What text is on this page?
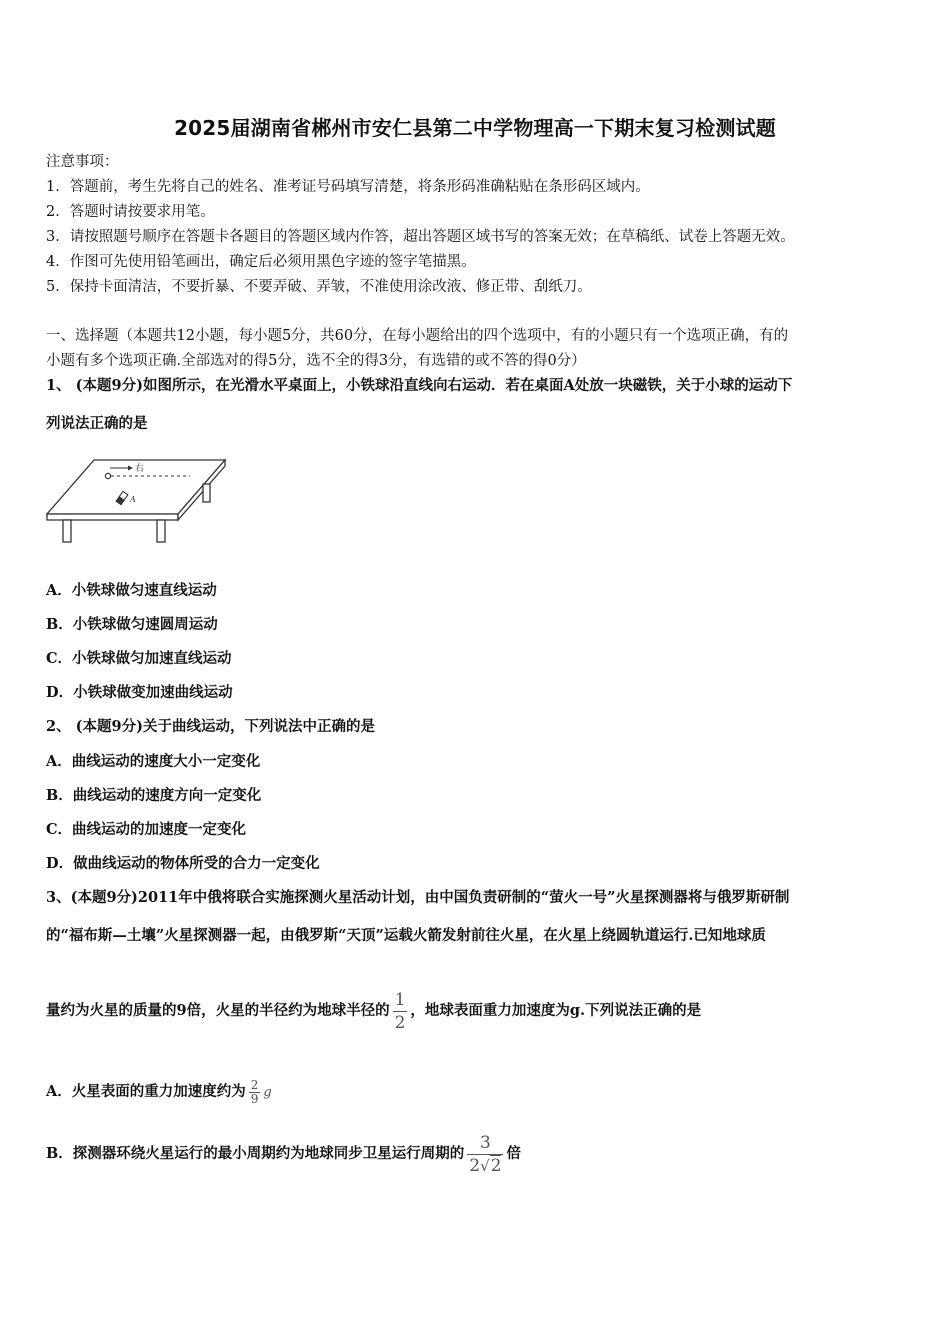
2025届湖南省郴州市安仁县第二中学物理高一下期末复习检测试题
注意事项：
1．答题前，考生先将自己的姓名、准考证号码填写清楚，将条形码准确粘贴在条形码区域内。
2．答题时请按要求用笔。
3．请按照题号顺序在答题卡各题目的答题区域内作答，超出答题区域书写的答案无效；在草稿纸、试卷上答题无效。
4．作图可先使用铅笔画出，确定后必须用黑色字迹的签字笔描黑。
5．保持卡面清洁，不要折暴、不要弄破、弄皱，不准使用涂改液、修正带、刮纸刀。
一、选择题（本题共12小题，每小题5分，共60分，在每小题给出的四个选项中，有的小题只有一个选项正确，有的
小题有多个选项正确.全部选对的得5分，选不全的得3分，有选错的或不答的得0分）
1、 (本题9分)如图所示，在光滑水平桌面上，小铁球沿直线向右运动．若在桌面A处放一块磁铁，关于小球的运动下
列说法正确的是
右
A
A．小铁球做匀速直线运动
B．小铁球做匀速圆周运动
C．小铁球做匀加速直线运动
D．小铁球做变加速曲线运动
2、 (本题9分)关于曲线运动，下列说法中正确的是
A．曲线运动的速度大小一定变化
B．曲线运动的速度方向一定变化
C．曲线运动的加速度一定变化
D．做曲线运动的物体所受的合力一定变化
3、(本题9分)2011年中俄将联合实施探测火星活动计划，由中国负责研制的“萤火一号”火星探测器将与俄罗斯研制
的“福布斯—土壤”火星探测器一起，由俄罗斯“天顶”运载火箭发射前往火星，在火星上绕圆轨道运行.已知地球质
量约为火星的质量的9倍，火星的半径约为地球半径的 $\frac{1}{2}$ ，地球表面重力加速度为g.下列说法正确的是
A．火星表面的重力加速度约为 $\frac{2}{9}$ g
B．探测器环绕火星运行的最小周期约为地球同步卫星运行周期的 $\frac{3}{2√2}$ 倍
